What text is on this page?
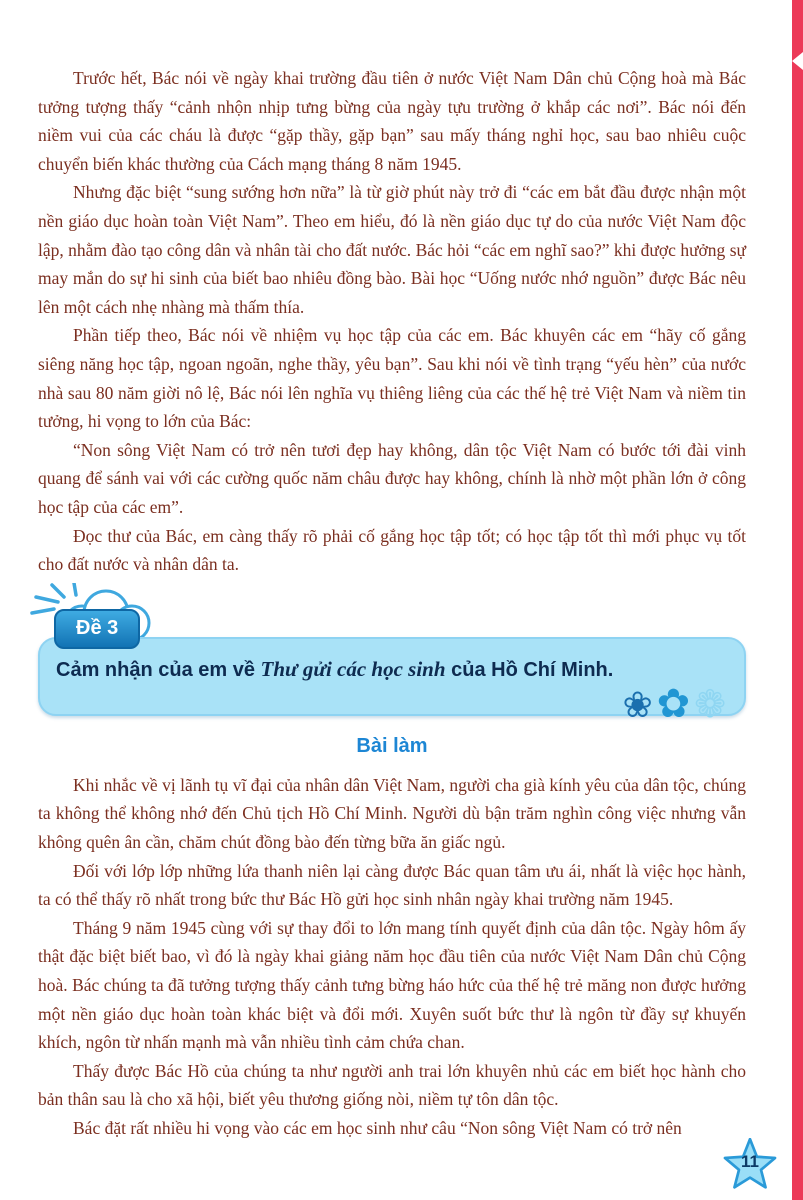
Trước hết, Bác nói về ngày khai trường đầu tiên ở nước Việt Nam Dân chủ Cộng hoà mà Bác tưởng tượng thấy “cảnh nhộn nhịp tưng bừng của ngày tựu trường ở khắp các nơi”. Bác nói đến niềm vui của các cháu là được “gặp thầy, gặp bạn” sau mấy tháng nghỉ học, sau bao nhiêu cuộc chuyển biến khác thường của Cách mạng tháng 8 năm 1945.

Nhưng đặc biệt “sung sướng hơn nữa” là từ giờ phút này trở đi “các em bắt đầu được nhận một nền giáo dục hoàn toàn Việt Nam”. Theo em hiểu, đó là nền giáo dục tự do của nước Việt Nam độc lập, nhằm đào tạo công dân và nhân tài cho đất nước. Bác hỏi “các em nghĩ sao?” khi được hưởng sự may mắn do sự hi sinh của biết bao nhiêu đồng bào. Bài học “Uống nước nhớ nguồn” được Bác nêu lên một cách nhẹ nhàng mà thấm thía.

Phần tiếp theo, Bác nói về nhiệm vụ học tập của các em. Bác khuyên các em “hãy cố gắng siêng năng học tập, ngoan ngoãn, nghe thầy, yêu bạn”. Sau khi nói về tình trạng “yếu hèn” của nước nhà sau 80 năm giời nô lệ, Bác nói lên nghĩa vụ thiêng liêng của các thế hệ trẻ Việt Nam và niềm tin tưởng, hi vọng to lớn của Bác:

“Non sông Việt Nam có trở nên tươi đẹp hay không, dân tộc Việt Nam có bước tới đài vinh quang để sánh vai với các cường quốc năm châu được hay không, chính là nhờ một phần lớn ở công học tập của các em”.

Đọc thư của Bác, em càng thấy rõ phải cố gắng học tập tốt; có học tập tốt thì mới phục vụ tốt cho đất nước và nhân dân ta.

Đề 3

Cảm nhận của em về Thư gửi các học sinh của Hồ Chí Minh.

❀✿❁
Bài làm

Khi nhắc về vị lãnh tụ vĩ đại của nhân dân Việt Nam, người cha già kính yêu của dân tộc, chúng ta không thể không nhớ đến Chủ tịch Hồ Chí Minh. Người dù bận trăm nghìn công việc nhưng vẫn không quên ân cần, chăm chút đồng bào đến từng bữa ăn giấc ngủ.

Đối với lớp lớp những lứa thanh niên lại càng được Bác quan tâm ưu ái, nhất là việc học hành, ta có thể thấy rõ nhất trong bức thư Bác Hồ gửi học sinh nhân ngày khai trường năm 1945.

Tháng 9 năm 1945 cùng với sự thay đổi to lớn mang tính quyết định của dân tộc. Ngày hôm ấy thật đặc biệt biết bao, vì đó là ngày khai giảng năm học đầu tiên của nước Việt Nam Dân chủ Cộng hoà. Bác chúng ta đã tưởng tượng thấy cảnh tưng bừng háo hức của thế hệ trẻ măng non được hưởng một nền giáo dục hoàn toàn khác biệt và đổi mới. Xuyên suốt bức thư là ngôn từ đầy sự khuyến khích, ngôn từ nhấn mạnh mà vẫn nhiều tình cảm chứa chan.

Thấy được Bác Hồ của chúng ta như người anh trai lớn khuyên nhủ các em biết học hành cho bản thân sau là cho xã hội, biết yêu thương giống nòi, niềm tự tôn dân tộc.

Bác đặt rất nhiều hi vọng vào các em học sinh như câu “Non sông Việt Nam có trở nên

11
